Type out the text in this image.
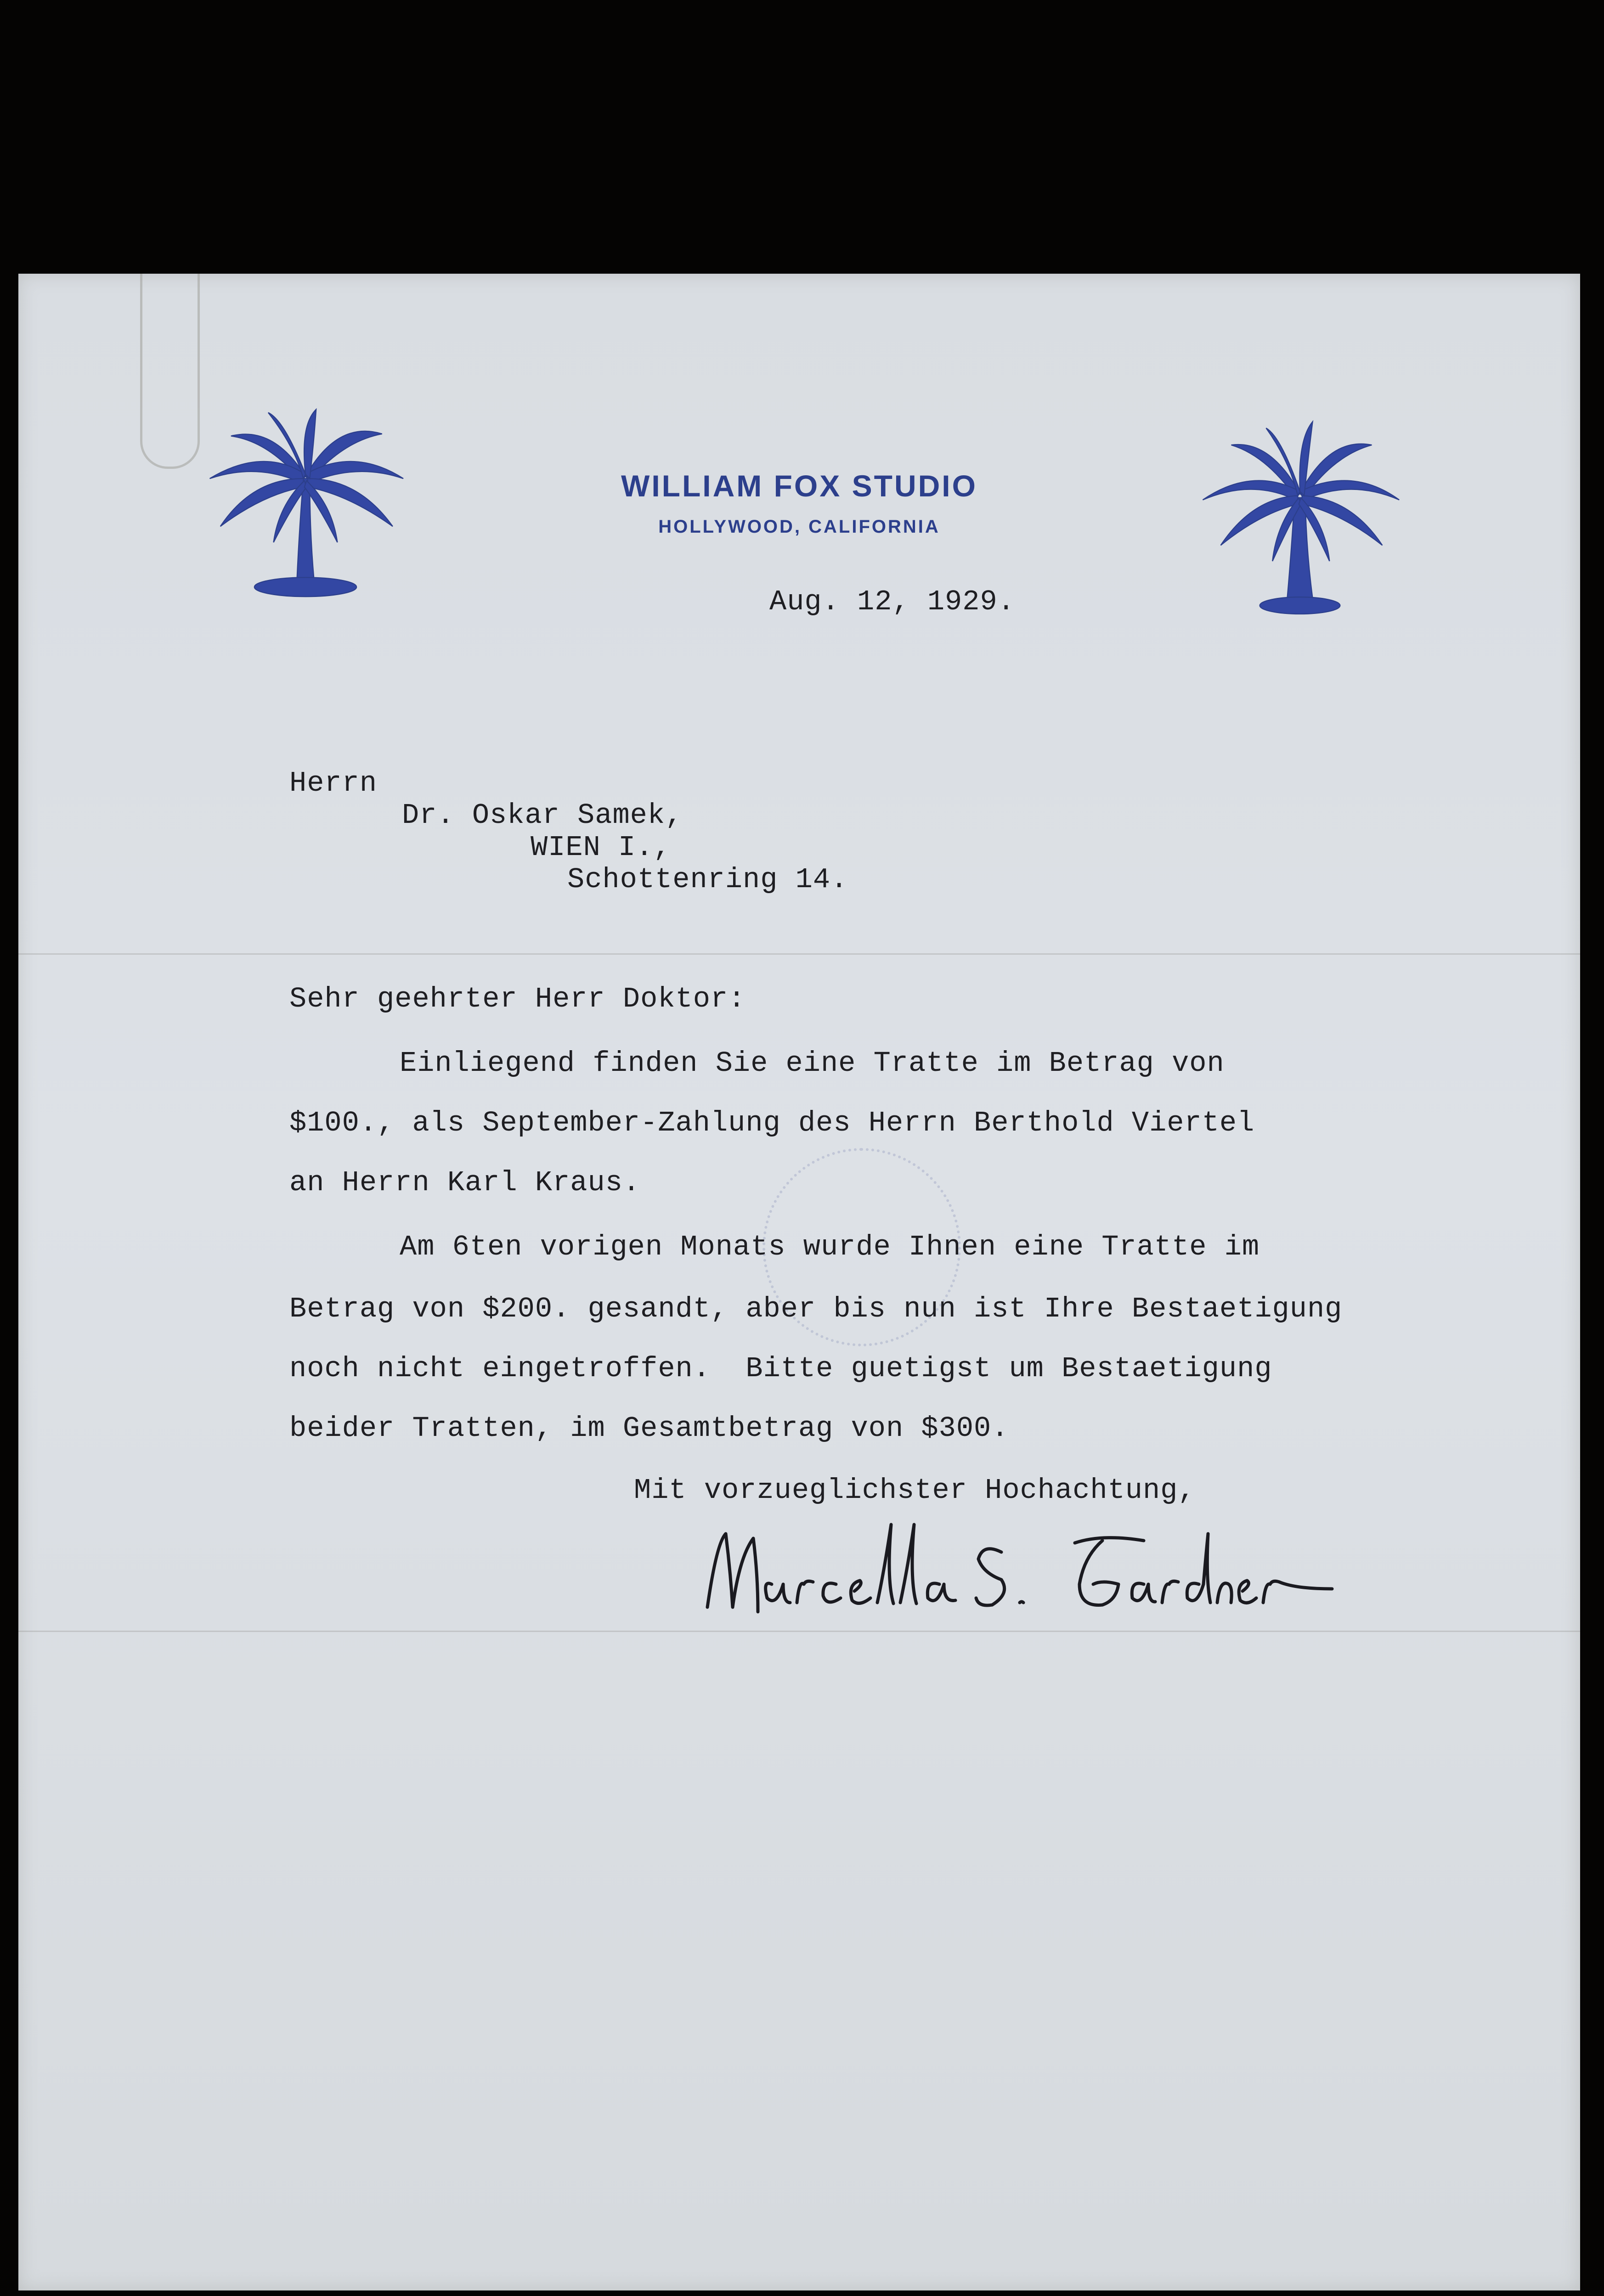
WILLIAM FOX STUDIO
HOLLYWOOD, CALIFORNIA
Aug. 12, 1929.
Herrn
Dr. Oskar Samek,
WIEN I.,
Schottenring 14.
Sehr geehrter Herr Doktor:
Einliegend finden Sie eine Tratte im Betrag von
$100., als September-Zahlung des Herrn Berthold Viertel
an Herrn Karl Kraus.
Am 6ten vorigen Monats wurde Ihnen eine Tratte im
Betrag von $200. gesandt, aber bis nun ist Ihre Bestaetigung
noch nicht eingetroffen.  Bitte guetigst um Bestaetigung
beider Tratten, im Gesamtbetrag von $300.
Mit vorzueglichster Hochachtung,
